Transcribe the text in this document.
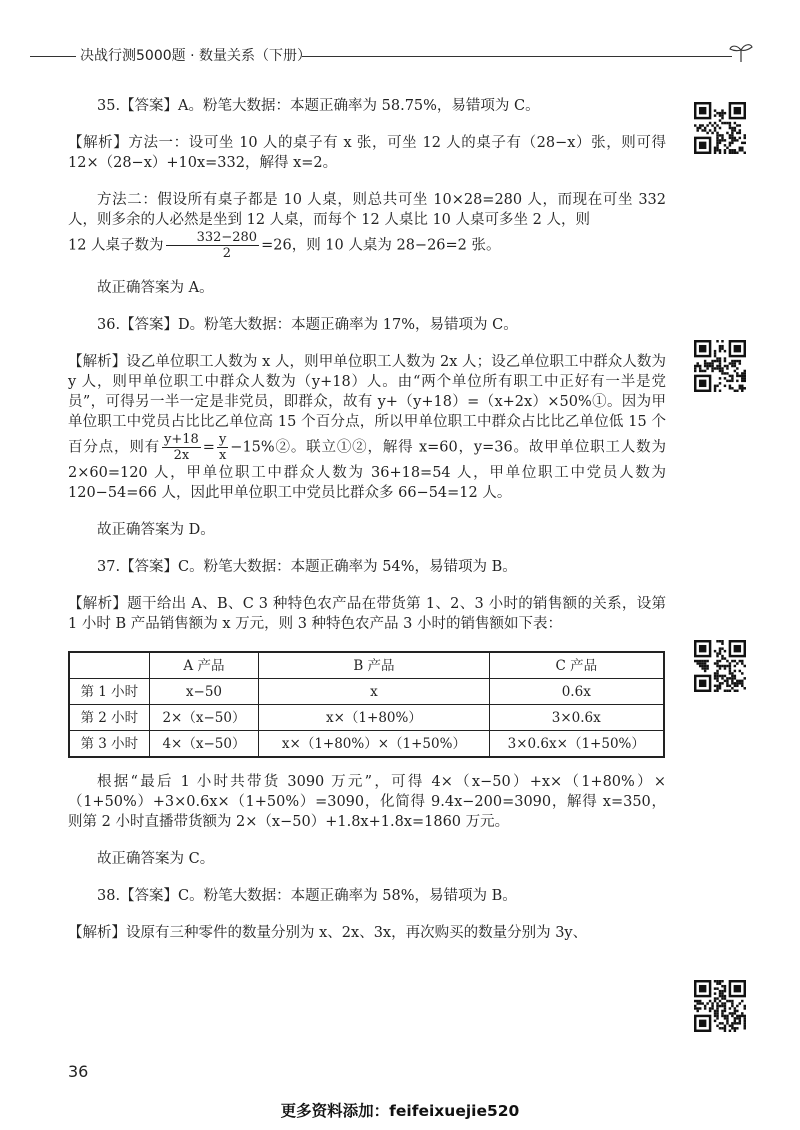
决战行测5000题 · 数量关系（下册）

35.【答案】A。粉笔大数据：本题正确率为 58.75%，易错项为 C。

【解析】方法一：设可坐 10 人的桌子有 x 张，可坐 12 人的桌子有（28−x）张，则可得 12×（28−x）+10x=332，解得 x=2。

方法二：假设所有桌子都是 10 人桌，则总共可坐 10×28=280 人，而现在可坐 332 人，则多余的人必然是坐到 12 人桌，而每个 12 人桌比 10 人桌可多坐 2 人，则
12 人桌子数为 $\frac{332-280}{2} =26$，则 10 人桌为 28−26=2 张。

故正确答案为 A。

36.【答案】D。粉笔大数据：本题正确率为 17%，易错项为 C。

【解析】设乙单位职工人数为 x 人，则甲单位职工人数为 2x 人；设乙单位职工中群众人数为 y 人，则甲单位职工中群众人数为（y+18）人。由“两个单位所有职工中正好有一半是党员”，可得另一半一定是非党员，即群众，故有 y+（y+18）=（x+2x）×50%①。因为甲单位职工中党员占比比乙单位高 15 个百分点，所以甲单位职工中群众占比比乙单位低 15 个百分点，则有 $\frac{y+18}{2x} = \frac{y}{x}$ −15%②。联立①②，解得 x=60，y=36。故甲单位职工人数为 2×60=120 人，甲单位职工中群众人数为 36+18=54 人，甲单位职工中党员人数为 120−54=66 人，因此甲单位职工中党员比群众多 66−54=12 人。

故正确答案为 D。

37.【答案】C。粉笔大数据：本题正确率为 54%，易错项为 B。

【解析】题干给出 A、B、C 3 种特色农产品在带货第 1、2、3 小时的销售额的关系，设第 1 小时 B 产品销售额为 x 万元，则 3 种特色农产品 3 小时的销售额如下表：

	A 产品	B 产品	C 产品
第 1 小时	x−50	x	0.6x
第 2 小时	2×（x−50）	x×（1+80%）	3×0.6x
第 3 小时	4×（x−50）	x×（1+80%）×（1+50%）	3×0.6x×（1+50%）

根据“最后 1 小时共带货 3090 万元”，可得 4×（x−50）+x×（1+80%）×（1+50%）+3×0.6x×（1+50%）=3090，化简得 9.4x−200=3090，解得 x=350，则第 2 小时直播带货额为 2×（x−50）+1.8x+1.8x=1860 万元。

故正确答案为 C。

38.【答案】C。粉笔大数据：本题正确率为 58%，易错项为 B。

【解析】设原有三种零件的数量分别为 x、2x、3x，再次购买的数量分别为 3y、

36
更多资料添加：feifeixuejie520
